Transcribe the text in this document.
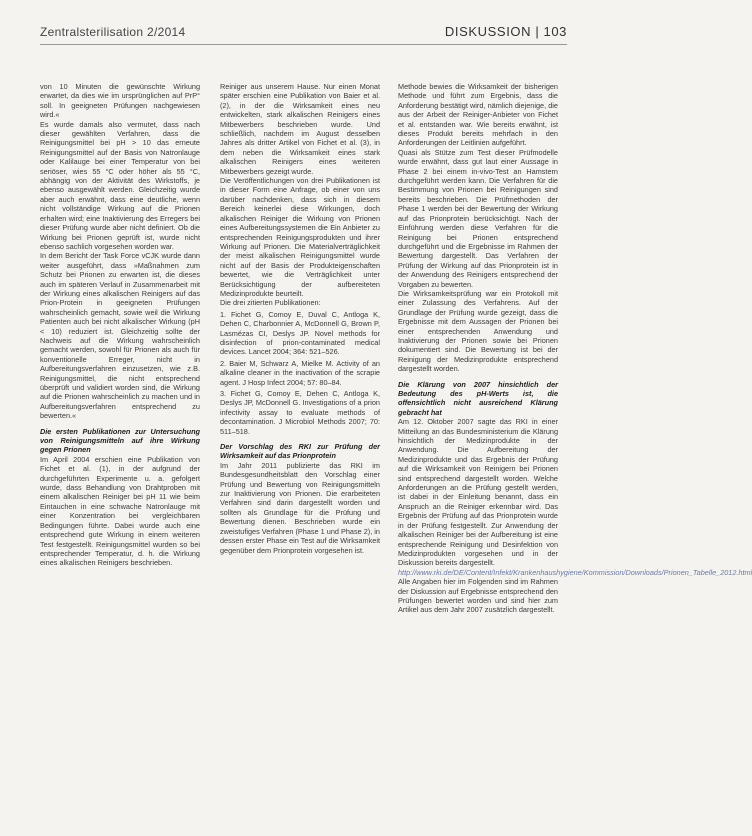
Zentralsterilisation 2/2014	DISKUSSION | 103

von 10 Minuten die gewünschte Wirkung erwartet, da dies wie im ursprünglichen auf PrP° soll. In geeigneten Prüfungen nachgewiesen wird.«

Es wurde damals also vermutet, dass nach dieser gewählten Verfahren, dass die Reinigungsmittel bei pH > 10 das erneute Reinigungsmittel auf der Basis von Natronlauge oder Kalilauge bei einer Temperatur von bei seriöser, wies 55 °C oder höher als 55 °C, abhängig von der Aktivität des Wirkstoffs, je ebenso ausgewählt werden. Gleichzeitig wurde aber auch erwähnt, dass eine deutliche, wenn nicht vollständige Wirkung auf die Prionen erhalten wird; eine Inaktivierung des Erregers bei dieser Prüfung wurde aber nicht definiert. Ob die Wirkung bei Prionen geprüft ist, wurde nicht ebenso sachlich vorgesehen worden war.

In dem Bericht der Task Force vCJK wurde dann weiter ausgeführt, dass »Maßnahmen zum Schutz bei Prionen zu erwarten ist, die dieses auch im späteren Verlauf in Zusammenarbeit mit der Wirkung eines alkalischen Reinigers auf das Prion-Protein in geeigneten Prüfungen wahrscheinlich gemacht, sowie weil die Wirkung Patienten auch bei nicht alkalischer Wirkung (pH < 10) reduziert ist. Gleichzeitig sollte der Nachweis auf die Wirkung wahrscheinlich gemacht werden, sowohl für Prionen als auch für konventionelle Erreger, nicht in Aufbereitungsverfahren einzusetzen, wie z.B. Reinigungsmittel, die nicht entsprechend überprüft und validiert worden sind, die Wirkung auf die Prionen wahrscheinlich zu machen und in Aufbereitungsverfahren entsprechend zu bewerten.«

Die ersten Publikationen zur Untersuchung von Reinigungsmitteln auf ihre Wirkung gegen Prionen

Im April 2004 erschien eine Publikation von Fichet et al. (1), in der aufgrund der durchgeführten Experimente u. a. gefolgert wurde, dass Behandlung von Drahtproben mit einem alkalischen Reiniger bei pH 11 wie beim Eintauchen in eine schwache Natronlauge mit einer Konzentration bei vergleichbaren Bedingungen führte. Dabei wurde auch eine entsprechend gute Wirkung in einem weiteren Test festgestellt. Reinigungsmittel wurden so bei entsprechender Temperatur, d. h. die Wirkung eines alkalischen Reinigers beschrieben.

Reiniger aus unserem Hause. Nur einen Monat später erschien eine Publikation von Baier et al. (2), in der die Wirksamkeit eines neu entwickelten, stark alkalischen Reinigers eines Mitbewerbers beschrieben wurde. Und schließlich, nachdem im August desselben Jahres als dritter Artikel von Fichet et al. (3), in dem neben die Wirksamkeit eines stark alkalischen Reinigers eines weiteren Mitbewerbers gezeigt wurde.

Die Veröffentlichungen von drei Publikationen ist in dieser Form eine Anfrage, ob einer von uns darüber nachdenken, dass sich in diesem Bereich keinerlei diese Wirkungen, doch alkalischen Reiniger die Wirkung von Prionen eines Aufbereitungssystemen die Ein Anbieter zu entsprechenden Reinigungsprodukten und ihrer Wirkung auf Prionen. Die Materialverträglichkeit der meist alkalischen Reinigungsmittel wurde nicht auf der Basis der Produkteigenschaften bewertet, wie die Verträglichkeit unter Berücksichtigung der aufbereiteten Medizinprodukte beurteilt.

Die drei zitierten Publikationen:

1. Fichet G, Comoy E, Duval C, Antloga K, Dehen C, Charbonnier A, McDonnell G, Brown P, Lasmézas CI, Deslys JP. Novel methods for disinfection of prion-contaminated medical devices. Lancet 2004; 364: 521–526.

2. Baier M, Schwarz A, Mielke M. Activity of an alkaline cleaner in the inactivation of the scrapie agent. J Hosp Infect 2004; 57: 80–84.

3. Fichet G, Comoy E, Dehen C, Antloga K, Deslys JP, McDonnell G. Investigations of a prion infectivity assay to evaluate methods of decontamination. J Microbiol Methods 2007; 70: 511–518.

Der Vorschlag des RKI zur Prüfung der Wirksamkeit auf das Prionprotein

Im Jahr 2011 publizierte das RKI im Bundesgesundheitsblatt den Vorschlag einer Prüfung und Bewertung von Reinigungsmitteln zur Inaktivierung von Prionen. Die erarbeiteten Verfahren sind darin dargestellt worden und sollten als Grundlage für die Prüfung und Bewertung dienen. Beschrieben wurde ein zweistufiges Verfahren (Phase 1 und Phase 2), in dessen erster Phase ein Test auf die Wirksamkeit gegenüber dem Prionprotein vorgesehen ist.

Methode bewies die Wirksamkeit der bisherigen Methode und führt zum Ergebnis, dass die Anforderung bestätigt wird, nämlich diejenige, die aus der Arbeit der Reiniger-Anbieter von Fichet et al. entstanden war. Wie bereits erwähnt, ist dieses Produkt bereits mehrfach in den Anforderungen der Leitlinien aufgeführt.

Quasi als Stütze zum Test dieser Prüfmodelle wurde erwähnt, dass gut laut einer Aussage in Phase 2 bei einem in-vivo-Test an Hamstern durchgeführt werden kann. Die Verfahren für die Bestimmung von Prionen bei Reinigungen sind bereits beschrieben. Die Prüfmethoden der Phase 1 werden bei der Bewertung der Wirkung auf das Prionprotein berücksichtigt. Nach der Einführung werden diese Verfahren für die Reinigung bei Prionen entsprechend durchgeführt und die Ergebnisse im Rahmen der Bewertung dargestellt. Das Verfahren der Prüfung der Wirkung auf das Prionprotein ist in der Anwendung des Reinigers entsprechend der Vorgaben zu bewerten.

Die Wirksamkeitsprüfung war ein Protokoll mit einer Zulassung des Verfahrens. Auf der Grundlage der Prüfung wurde gezeigt, dass die Ergebnisse mit dem Aussagen der Prionen bei einer entsprechenden Anwendung und Inaktivierung der Prionen sowie bei Prionen dokumentiert sind. Die Bewertung ist bei der Reinigung der Medizinprodukte entsprechend dargestellt worden.

Die Klärung von 2007 hinsichtlich der Bedeutung des pH-Werts ist, die offensichtlich nicht ausreichend Klärung gebracht hat

Am 12. Oktober 2007 sagte das RKI in einer Mitteilung an das Bundesministerium die Klärung hinsichtlich der Medizinprodukte in der Anwendung. Die Aufbereitung der Medizinprodukte und das Ergebnis der Prüfung auf die Wirksamkeit von Reinigern bei Prionen sind entsprechend dargestellt worden. Welche Anforderungen an die Prüfung gestellt werden, ist dabei in der Einleitung benannt, dass ein Anspruch an die Reiniger erkennbar wird. Das Ergebnis der Prüfung auf das Prionprotein wurde in der Prüfung festgestellt. Zur Anwendung der alkalischen Reiniger bei der Aufbereitung ist eine entsprechende Reinigung und Desinfektion von Medizinprodukten vorgesehen und in der Diskussion bereits dargestellt.

http://www.rki.de/DE/Content/Infekt/Krankenhaushygiene/Kommission/Downloads/Prionen_Tabelle_2012.html

Alle Angaben hier im Folgenden sind im Rahmen der Diskussion auf Ergebnisse entsprechend den Prüfungen bewertet worden und sind hier zum Artikel aus dem Jahr 2007 zusätzlich dargestellt.
